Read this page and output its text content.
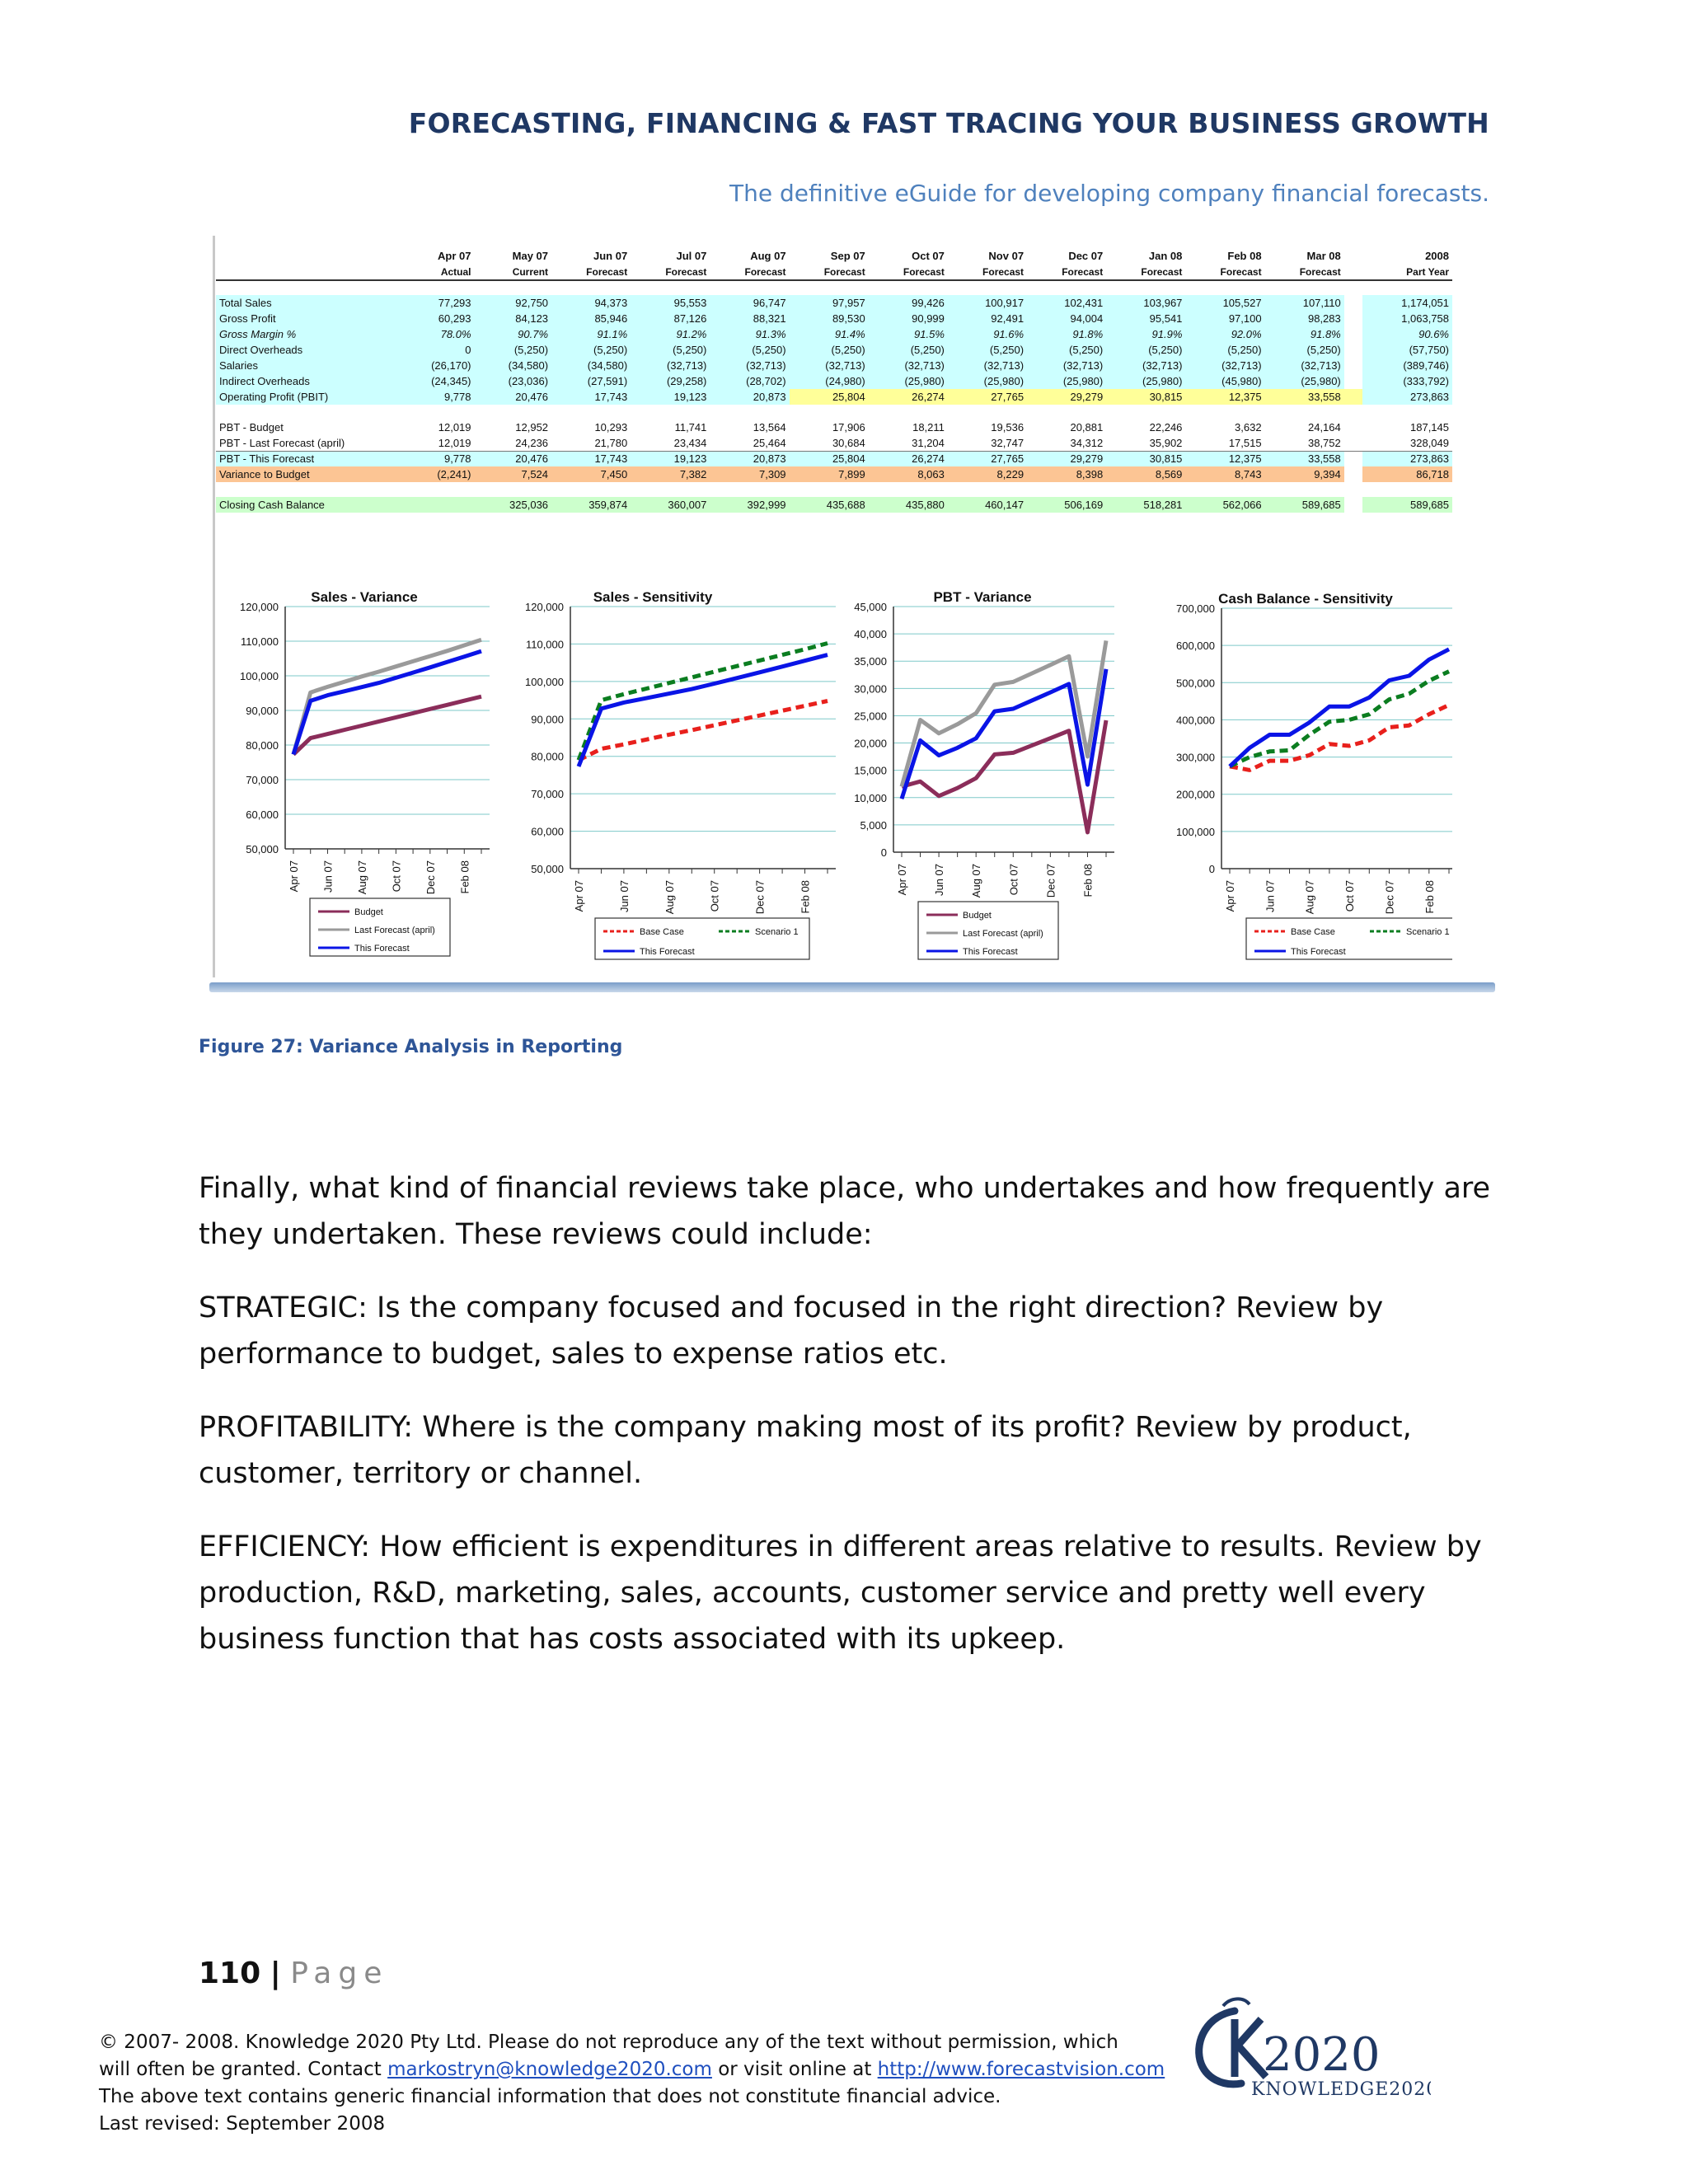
FORECASTING, FINANCING & FAST TRACING YOUR BUSINESS GROWTH
The definitive eGuide for developing company financial forecasts.
	Apr 07	May 07	Jun 07	Jul 07	Aug 07	Sep 07	Oct 07	Nov 07	Dec 07	Jan 08	Feb 08	Mar 08		2008
	Actual	Current	Forecast	Forecast	Forecast	Forecast	Forecast	Forecast	Forecast	Forecast	Forecast	Forecast		Part Year

Total Sales	77,293	92,750	94,373	95,553	96,747	97,957	99,426	100,917	102,431	103,967	105,527	107,110		1,174,051
Gross Profit	60,293	84,123	85,946	87,126	88,321	89,530	90,999	92,491	94,004	95,541	97,100	98,283		1,063,758
Gross Margin %	78.0%	90.7%	91.1%	91.2%	91.3%	91.4%	91.5%	91.6%	91.8%	91.9%	92.0%	91.8%		90.6%
Direct Overheads	0	(5,250)	(5,250)	(5,250)	(5,250)	(5,250)	(5,250)	(5,250)	(5,250)	(5,250)	(5,250)	(5,250)		(57,750)
Salaries	(26,170)	(34,580)	(34,580)	(32,713)	(32,713)	(32,713)	(32,713)	(32,713)	(32,713)	(32,713)	(32,713)	(32,713)		(389,746)
Indirect Overheads	(24,345)	(23,036)	(27,591)	(29,258)	(28,702)	(24,980)	(25,980)	(25,980)	(25,980)	(25,980)	(45,980)	(25,980)		(333,792)
Operating Profit (PBIT)	9,778	20,476	17,743	19,123	20,873	25,804	26,274	27,765	29,279	30,815	12,375	33,558		273,863

PBT - Budget	12,019	12,952	10,293	11,741	13,564	17,906	18,211	19,536	20,881	22,246	3,632	24,164		187,145
PBT - Last Forecast (april)	12,019	24,236	21,780	23,434	25,464	30,684	31,204	32,747	34,312	35,902	17,515	38,752		328,049
PBT - This Forecast	9,778	20,476	17,743	19,123	20,873	25,804	26,274	27,765	29,279	30,815	12,375	33,558		273,863
Variance to Budget	(2,241)	7,524	7,450	7,382	7,309	7,899	8,063	8,229	8,398	8,569	8,743	9,394		86,718

Closing Cash Balance		325,036	359,874	360,007	392,999	435,688	435,880	460,147	506,169	518,281	562,066	589,685		589,685
Sales - Variance
120,000
110,000
100,000
90,000
80,000
70,000
60,000
50,000
Apr 07 Jun 07 Aug 07 Oct 07 Dec 07 Feb 08
Budget
Last Forecast (april)
This Forecast
Sales - Sensitivity
120,000
110,000
100,000
90,000
80,000
70,000
60,000
50,000
Apr 07	Jun 07	Aug 07	Oct 07	Dec 07	Feb 08
Base Case	Scenario 1
This Forecast
PBT - Variance
45,000
40,000
35,000
30,000
25,000
20,000
15,000
10,000
5,000
0
Apr 07 Jun 07 Aug 07 Oct 07 Dec 07 Feb 08
Budget
Last Forecast (april)
This Forecast
Cash Balance - Sensitivity
700,000
600,000
500,000
400,000
300,000
200,000
100,000
0
Apr 07	Jun 07	Aug 07	Oct 07	Dec 07	Feb 08
Base Case	Scenario 1
This Forecast
Figure 27: Variance Analysis in Reporting

Finally, what kind of financial reviews take place, who undertakes and how frequently are they undertaken. These reviews could include:

STRATEGIC: Is the company focused and focused in the right direction? Review by performance to budget, sales to expense ratios etc.

PROFITABILITY: Where is the company making most of its profit? Review by product, customer, territory or channel.

EFFICIENCY: How efficient is expenditures in different areas relative to results. Review by production, R&D, marketing, sales, accounts, customer service and pretty well every business function that has costs associated with its upkeep.

110 | Page
© 2007- 2008. Knowledge 2020 Pty Ltd. Please do not reproduce any of the text without permission, which
will often be granted. Contact markostryn@knowledge2020.com or visit online at http://www.forecastvision.com
The above text contains generic financial information that does not constitute financial advice.
Last revised: September 2008
2020
KNOWLEDGE2020
